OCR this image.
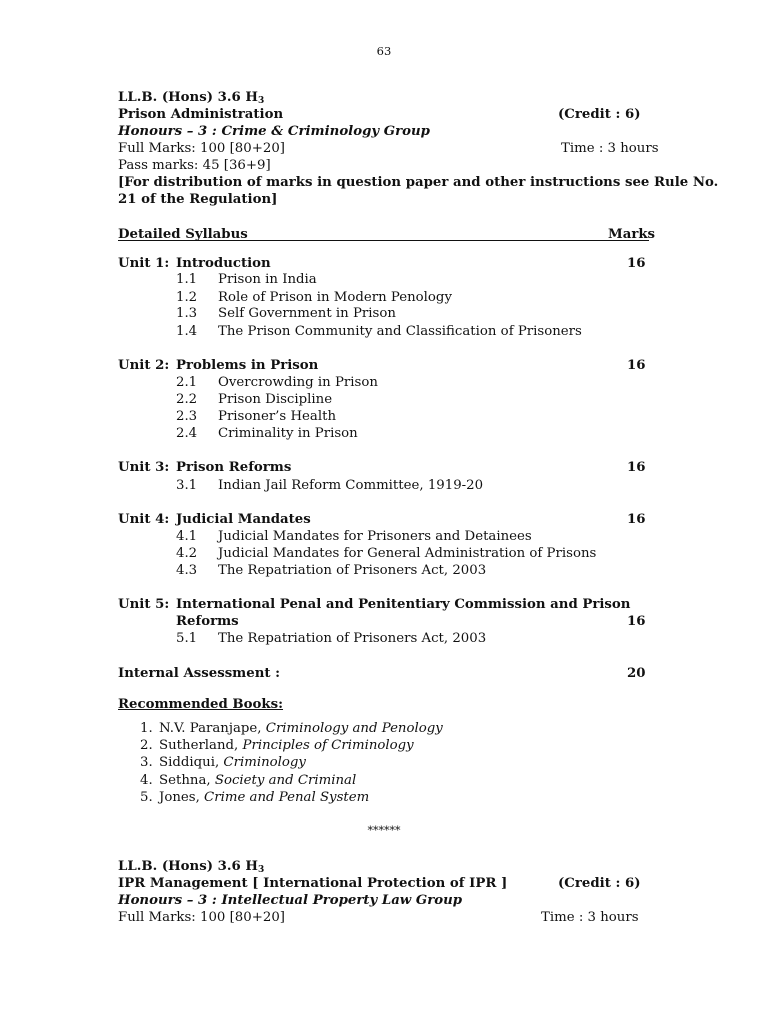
63
LL.B. (Hons) 3.6 $H_3$
Prison Administration	(Credit : 6)
Honours – 3 : Crime & Criminology Group
Full Marks: 100 [80+20]	Time : 3 hours
Pass marks: 45 [36+9]
[For distribution of marks in question paper and other instructions see Rule No.
21 of the Regulation]
Detailed Syllabus	Marks
Unit 1: Introduction	16
1.1 Prison in India
1.2 Role of Prison in Modern Penology
1.3 Self Government in Prison
1.4 The Prison Community and Classification of Prisoners
Unit 2: Problems in Prison	16
2.1 Overcrowding in Prison
2.2 Prison Discipline
2.3 Prisoner’s Health
2.4 Criminality in Prison
Unit 3: Prison Reforms	16
3.1 Indian Jail Reform Committee, 1919-20
Unit 4: Judicial Mandates	16
4.1 Judicial Mandates for Prisoners and Detainees
4.2 Judicial Mandates for General Administration of Prisons
4.3 The Repatriation of Prisoners Act, 2003
Unit 5: International Penal and Penitentiary Commission and Prison
Reforms	16
5.1 The Repatriation of Prisoners Act, 2003
Internal Assessment :	20
Recommended Books:
1. N.V. Paranjape, Criminology and Penology
2. Sutherland, Principles of Criminology
3. Siddiqui, Criminology
4. Sethna, Society and Criminal
5. Jones, Crime and Penal System
******
LL.B. (Hons) 3.6 $H_3$
IPR Management [ International Protection of IPR ]	(Credit : 6)
Honours – 3 : Intellectual Property Law Group
Full Marks: 100 [80+20]	Time : 3 hours
